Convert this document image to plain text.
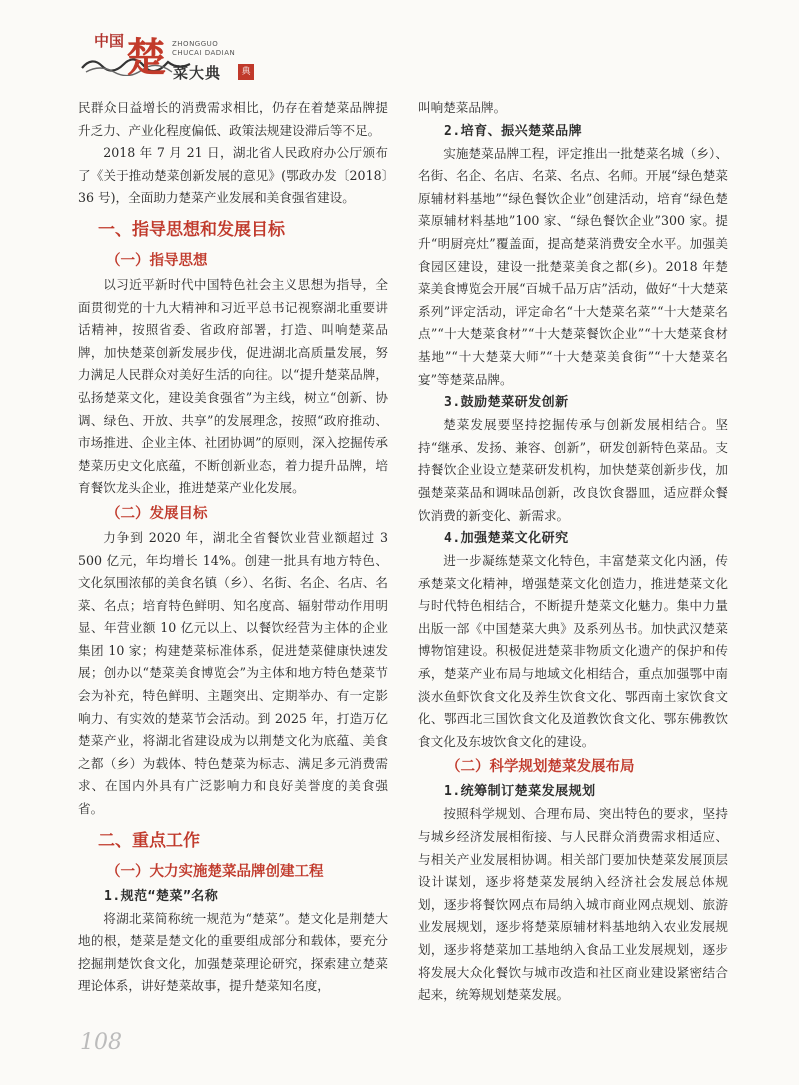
中国 楚 ZHONGGUO
CHUCAI DADIAN
菜大典	典

民群众日益增长的消费需求相比，仍存在着楚菜品牌提升乏力、产业化程度偏低、政策法规建设滞后等不足。

2018 年 7 月 21 日，湖北省人民政府办公厅颁布了《关于推动楚菜创新发展的意见》(鄂政办发〔2018〕36 号)，全面助力楚菜产业发展和美食强省建设。

一、指导思想和发展目标
（一）指导思想

以习近平新时代中国特色社会主义思想为指导，全面贯彻党的十九大精神和习近平总书记视察湖北重要讲话精神，按照省委、省政府部署，打造、叫响楚菜品牌，加快楚菜创新发展步伐，促进湖北高质量发展，努力满足人民群众对美好生活的向往。以“提升楚菜品牌，弘扬楚菜文化，建设美食强省”为主线，树立“创新、协调、绿色、开放、共享”的发展理念，按照“政府推动、市场推进、企业主体、社团协调”的原则，深入挖掘传承楚菜历史文化底蕴，不断创新业态，着力提升品牌，培育餐饮龙头企业，推进楚菜产业化发展。

（二）发展目标

力争到 2020 年，湖北全省餐饮业营业额超过 3 500 亿元，年均增长 14%。创建一批具有地方特色、文化氛围浓郁的美食名镇（乡）、名街、名企、名店、名菜、名点；培育特色鲜明、知名度高、辐射带动作用明显、年营业额 10 亿元以上、以餐饮经营为主体的企业集团 10 家；构建楚菜标准体系，促进楚菜健康快速发展；创办以“楚菜美食博览会”为主体和地方特色楚菜节会为补充，特色鲜明、主题突出、定期举办、有一定影响力、有实效的楚菜节会活动。到 2025 年，打造万亿楚菜产业，将湖北省建设成为以荆楚文化为底蕴、美食之都（乡）为载体、特色楚菜为标志、满足多元消费需求、在国内外具有广泛影响力和良好美誉度的美食强省。

二、重点工作
（一）大力实施楚菜品牌创建工程
1.规范“楚菜”名称

将湖北菜简称统一规范为“楚菜”。楚文化是荆楚大地的根，楚菜是楚文化的重要组成部分和载体，要充分挖掘荆楚饮食文化，加强楚菜理论研究，探索建立楚菜理论体系，讲好楚菜故事，提升楚菜知名度，

叫响楚菜品牌。

2.培育、振兴楚菜品牌

实施楚菜品牌工程，评定推出一批楚菜名城（乡）、名街、名企、名店、名菜、名点、名师。开展“绿色楚菜原辅材料基地”“绿色餐饮企业”创建活动，培育“绿色楚菜原辅材料基地”100 家、“绿色餐饮企业”300 家。提升“明厨亮灶”覆盖面，提高楚菜消费安全水平。加强美食园区建设，建设一批楚菜美食之都(乡)。2018 年楚菜美食博览会开展“百城千品万店”活动，做好“十大楚菜系列”评定活动，评定命名“十大楚菜名菜”“十大楚菜名点”“十大楚菜食材”“十大楚菜餐饮企业”“十大楚菜食材基地”“十大楚菜大师”“十大楚菜美食街”“十大楚菜名宴”等楚菜品牌。

3.鼓励楚菜研发创新

楚菜发展要坚持挖掘传承与创新发展相结合。坚持“继承、发扬、兼容、创新”，研发创新特色菜品。支持餐饮企业设立楚菜研发机构，加快楚菜创新步伐，加强楚菜菜品和调味品创新，改良饮食器皿，适应群众餐饮消费的新变化、新需求。

4.加强楚菜文化研究

进一步凝练楚菜文化特色，丰富楚菜文化内涵，传承楚菜文化精神，增强楚菜文化创造力，推进楚菜文化与时代特色相结合，不断提升楚菜文化魅力。集中力量出版一部《中国楚菜大典》及系列丛书。加快武汉楚菜博物馆建设。积极促进楚菜非物质文化遗产的保护和传承，楚菜产业布局与地域文化相结合，重点加强鄂中南淡水鱼虾饮食文化及养生饮食文化、鄂西南土家饮食文化、鄂西北三国饮食文化及道教饮食文化、鄂东佛教饮食文化及东坡饮食文化的建设。

（二）科学规划楚菜发展布局
1.统筹制订楚菜发展规划

按照科学规划、合理布局、突出特色的要求，坚持与城乡经济发展相衔接、与人民群众消费需求相适应、与相关产业发展相协调。相关部门要加快楚菜发展顶层设计谋划，逐步将楚菜发展纳入经济社会发展总体规划，逐步将餐饮网点布局纳入城市商业网点规划、旅游业发展规划，逐步将楚菜原辅材料基地纳入农业发展规划，逐步将楚菜加工基地纳入食品工业发展规划，逐步将发展大众化餐饮与城市改造和社区商业建设紧密结合起来，统筹规划楚菜发展。

108
